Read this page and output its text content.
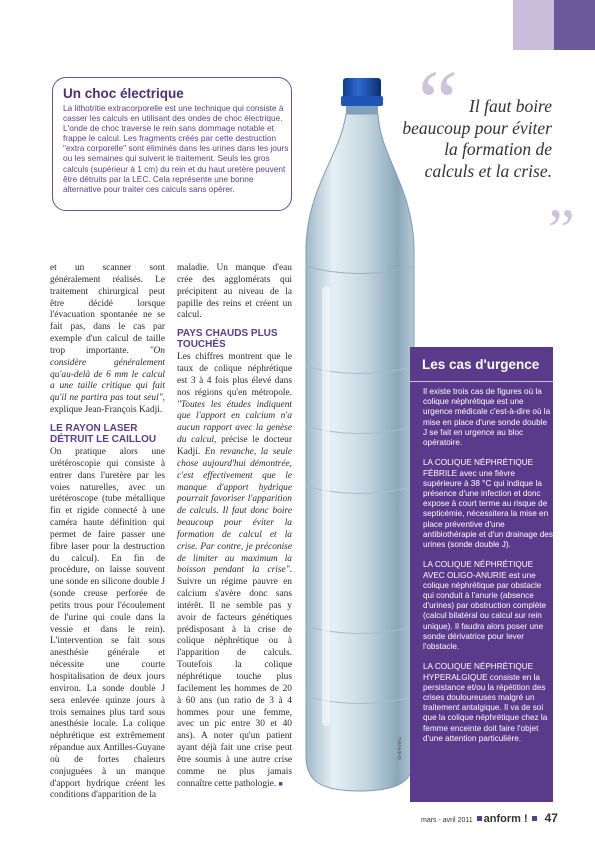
Un choc électrique

La lithotritie extracorporelle est une technique qui consiste à casser les calculs en utilisant des ondes de choc électrique. L'onde de choc traverse le rein sans dommage notable et frappe le calcul. Les fragments créés par cette destruction "extra corporelle" sont éliminés dans les urines dans les jours ou les semaines qui suivent le traitement. Seuls les gros calculs (supérieur à 1 cm) du rein et du haut uretère peuvent être détruits par la LEC. Cela représente une bonne alternative pour traiter ces calculs sans opérer.

©HERVIEU
“ Il faut boire beaucoup pour éviter la formation de calculs et la crise.
”

et un scanner sont généralement réalisés. Le traitement chirurgical peut être décidé lorsque l'évacuation spontanée ne se fait pas, dans le cas par exemple d'un calcul de taille trop importante. "On considère généralement qu'au-delà de 6 mm le calcul a une taille critique qui fait qu'il ne partira pas tout seul", explique Jean-François Kadji.

LE RAYON LASER DÉTRUIT LE CAILLOU

On pratique alors une urétéroscopie qui consiste à entrer dans l'uretère par les voies naturelles, avec un urétéroscope (tube métallique fin et rigide connecté à une caméra haute définition qui permet de faire passer une fibre laser pour la destruction du calcul). En fin de procédure, on laisse souvent une sonde en silicone double J (sonde creuse perforée de petits trous pour l'écoulement de l'urine qui coule dans la vessie et dans le rein). L'intervention se fait sous anesthésie générale et nécessite une courte hospitalisation de deux jours environ. La sonde double J sera enlevée quinze jours à trois semaines plus tard sous anesthésie locale. La colique néphrétique est extrêmement répandue aux Antilles-Guyane où de fortes chaleurs conjuguées à un manque d'apport hydrique créent les conditions d'apparition de la

maladie. Un manque d'eau crée des agglomérats qui précipitent au niveau de la papille des reins et créent un calcul.

PAYS CHAUDS PLUS TOUCHÉS

Les chiffres montrent que le taux de colique néphrétique est 3 à 4 fois plus élevé dans nos régions qu'en métropole. "Toutes les études indiquent que l'apport en calcium n'a aucun rapport avec la genèse du calcul, précise le docteur Kadji. En revanche, la seule chose aujourd'hui démontrée, c'est effectivement que le manque d'apport hydrique pourrait favoriser l'apparition de calculs. Il faut donc boire beaucoup pour éviter la formation de calcul et la crise. Par contre, je préconise de limiter au maximum la boisson pendant la crise". Suivre un régime pauvre en calcium s'avère donc sans intérêt. Il ne semble pas y avoir de facteurs génétiques prédisposant à la crise de colique néphrétique ou à l'apparition de calculs. Toutefois la colique néphrétique touche plus facilement les hommes de 20 à 60 ans (un ratio de 3 à 4 hommes pour une femme, avec un pic entre 30 et 40 ans). A noter qu'un patient ayant déjà fait une crise peut être soumis à une autre crise comme ne plus jamais connaître cette pathologie. ■

Les cas d'urgence

Il existe trois cas de figures où la colique néphrétique est une urgence médicale c'est-à-dire où la mise en place d'une sonde double J se fait en urgence au bloc opératoire.

LA COLIQUE NÉPHRÉTIQUE FÉBRILE avec une fièvre supérieure à 38 °C qui indique la présence d'une infection et donc expose à court terme au risque de septicémie, nécessitera la mise en place préventive d'une antibiothérapie et d'un drainage des urines (sonde double J).

LA COLIQUE NÉPHRÉTIQUE AVEC OLIGO-ANURIE est une colique néphrétique par obstacle qui conduit à l'anurie (absence d'urines) par obstruction complète (calcul bilatéral ou calcul sur rein unique). Il faudra alors poser une sonde dérivatrice pour lever l'obstacle.

LA COLIQUE NÉPHRÉTIQUE HYPERALGIQUE consiste en la persistance et/ou la répétition des crises douloureuses malgré un traitement antalgique. Il va de soi que la colique néphrétique chez la femme enceinte doit faire l'objet d'une attention particulière.

mars - avril 2011 anform ! 47
